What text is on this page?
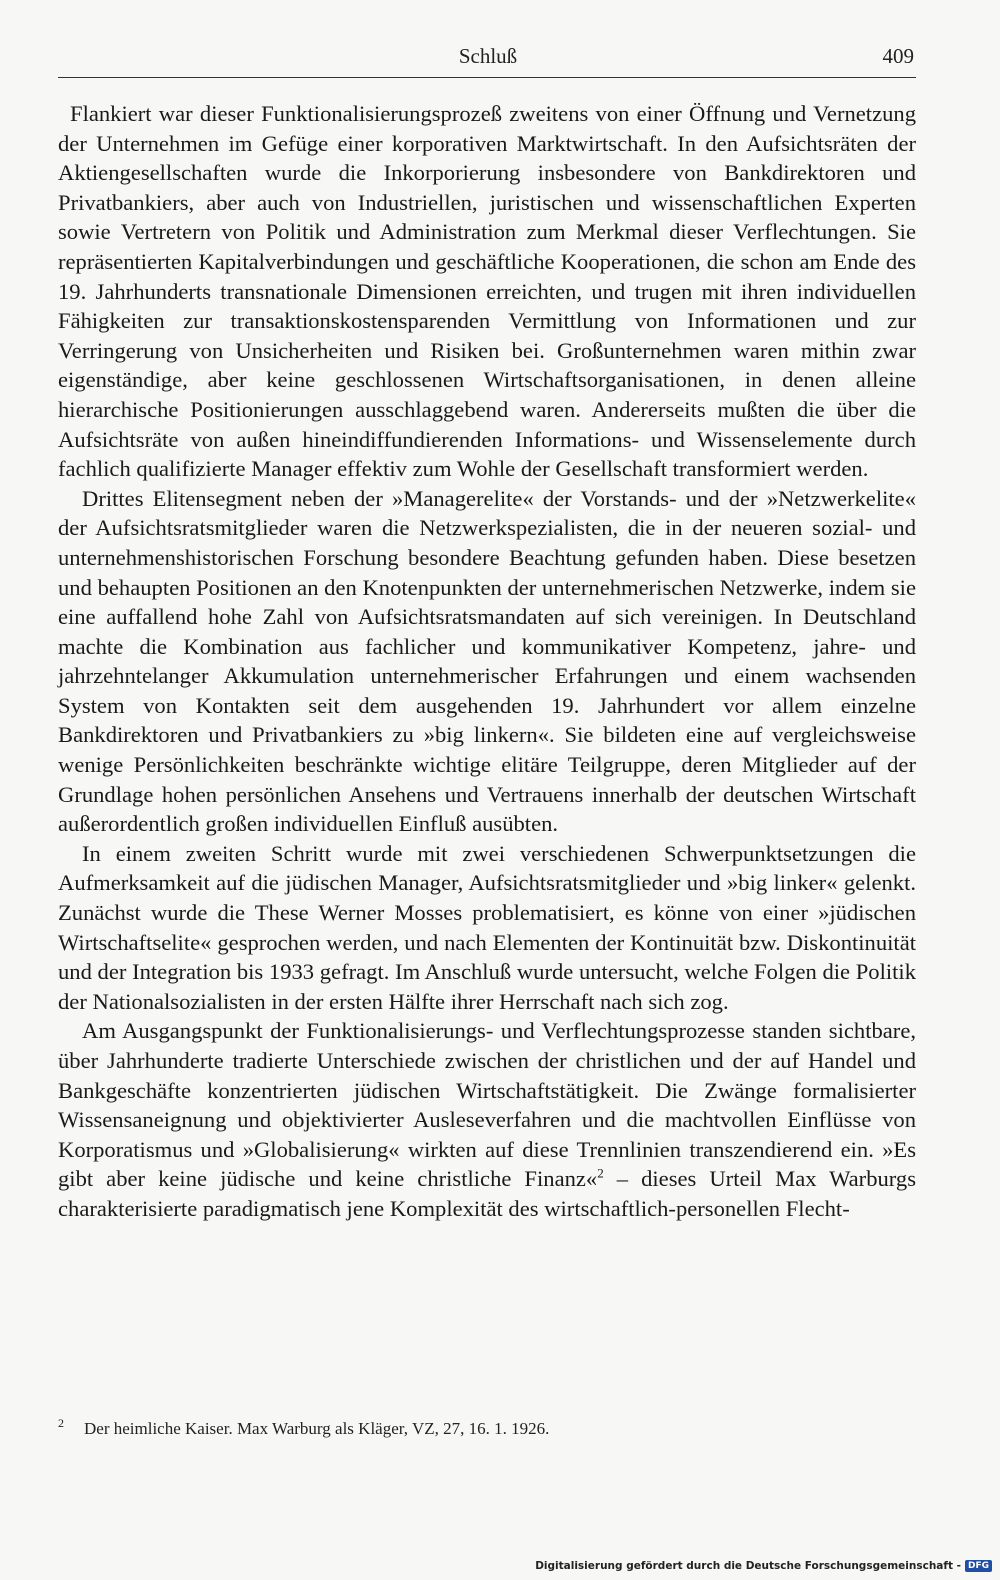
Schluß	409

Flankiert war dieser Funktionalisierungsprozeß zweitens von einer Öffnung und Vernetzung der Unternehmen im Gefüge einer korporativen Marktwirtschaft. In den Aufsichtsräten der Aktiengesellschaften wurde die Inkorporierung insbesondere von Bankdirektoren und Privatbankiers, aber auch von Industriellen, juristischen und wissenschaftlichen Experten sowie Vertretern von Politik und Administration zum Merkmal dieser Verflechtungen. Sie repräsentierten Kapitalverbindungen und geschäftliche Kooperationen, die schon am Ende des 19. Jahrhunderts transnationale Dimensionen erreichten, und trugen mit ihren individuellen Fähigkeiten zur transaktionskostensparenden Vermittlung von Informationen und zur Verringerung von Unsicherheiten und Risiken bei. Großunternehmen waren mithin zwar eigenständige, aber keine geschlossenen Wirtschaftsorganisationen, in denen alleine hierarchische Positionierungen ausschlaggebend waren. Andererseits mußten die über die Aufsichtsräte von außen hineindiffundierenden Informations- und Wissenselemente durch fachlich qualifizierte Manager effektiv zum Wohle der Gesellschaft transformiert werden.

Drittes Elitensegment neben der »Managerelite« der Vorstands- und der »Netzwerkelite« der Aufsichtsratsmitglieder waren die Netzwerkspezialisten, die in der neueren sozial- und unternehmenshistorischen Forschung besondere Beachtung gefunden haben. Diese besetzen und behaupten Positionen an den Knotenpunkten der unternehmerischen Netzwerke, indem sie eine auffallend hohe Zahl von Aufsichtsratsmandaten auf sich vereinigen. In Deutschland machte die Kombination aus fachlicher und kommunikativer Kompetenz, jahre- und jahrzehntelanger Akkumulation unternehmerischer Erfahrungen und einem wachsenden System von Kontakten seit dem ausgehenden 19. Jahrhundert vor allem einzelne Bankdirektoren und Privatbankiers zu »big linkern«. Sie bildeten eine auf vergleichsweise wenige Persönlichkeiten beschränkte wichtige elitäre Teilgruppe, deren Mitglieder auf der Grundlage hohen persönlichen Ansehens und Vertrauens innerhalb der deutschen Wirtschaft außerordentlich großen individuellen Einfluß ausübten.

In einem zweiten Schritt wurde mit zwei verschiedenen Schwerpunktsetzungen die Aufmerksamkeit auf die jüdischen Manager, Aufsichtsratsmitglieder und »big linker« gelenkt. Zunächst wurde die These Werner Mosses problematisiert, es könne von einer »jüdischen Wirtschaftselite« gesprochen werden, und nach Elementen der Kontinuität bzw. Diskontinuität und der Integration bis 1933 gefragt. Im Anschluß wurde untersucht, welche Folgen die Politik der Nationalsozialisten in der ersten Hälfte ihrer Herrschaft nach sich zog.

Am Ausgangspunkt der Funktionalisierungs- und Verflechtungsprozesse standen sichtbare, über Jahrhunderte tradierte Unterschiede zwischen der christlichen und der auf Handel und Bankgeschäfte konzentrierten jüdischen Wirtschaftstätigkeit. Die Zwänge formalisierter Wissensaneignung und objektivierter Ausleseverfahren und die machtvollen Einflüsse von Korporatismus und »Globalisierung« wirkten auf diese Trennlinien transzendierend ein. »Es gibt aber keine jüdische und keine christliche Finanz«$^2$ – dieses Urteil Max Warburgs charakterisierte paradigmatisch jene Komplexität des wirtschaftlich-personellen Flecht-

2 Der heimliche Kaiser. Max Warburg als Kläger, VZ, 27, 16. 1. 1926.
Digitalisierung gefördert durch die Deutsche Forschungsgemeinschaft - DFG
